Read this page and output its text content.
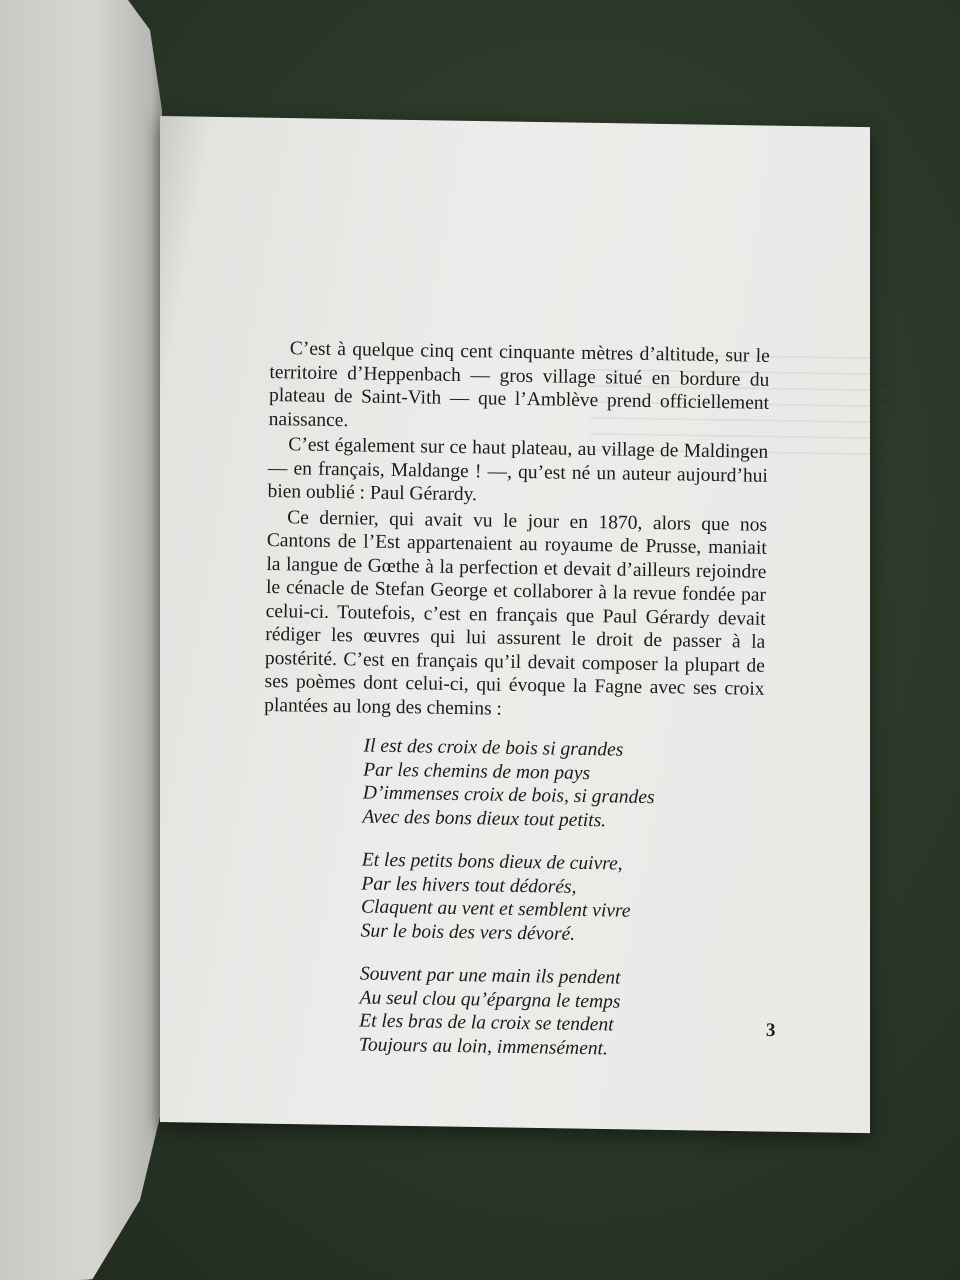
C’est à quelque cinq cent cinquante mètres d’altitude, sur le territoire d’Heppenbach — gros village situé en bordure du plateau de Saint-Vith — que l’Amblève prend officiellement naissance.

C’est également sur ce haut plateau, au village de Maldingen — en français, Maldange ! —, qu’est né un auteur aujourd’hui bien oublié : Paul Gérardy.

Ce dernier, qui avait vu le jour en 1870, alors que nos Cantons de l’Est appartenaient au royaume de Prusse, maniait la langue de Gœthe à la perfection et devait d’ailleurs rejoindre le cénacle de Stefan George et collaborer à la revue fondée par celui-ci. Toutefois, c’est en français que Paul Gérardy devait rédiger les œuvres qui lui assurent le droit de passer à la postérité. C’est en français qu’il devait composer la plupart de ses poèmes dont celui-ci, qui évoque la Fagne avec ses croix plantées au long des chemins :

Il est des croix de bois si grandes
Par les chemins de mon pays
D’immenses croix de bois, si grandes
Avec des bons dieux tout petits.
Et les petits bons dieux de cuivre,
Par les hivers tout dédorés,
Claquent au vent et semblent vivre
Sur le bois des vers dévoré.
Souvent par une main ils pendent
Au seul clou qu’épargna le temps
Et les bras de la croix se tendent
Toujours au loin, immensément.
3
